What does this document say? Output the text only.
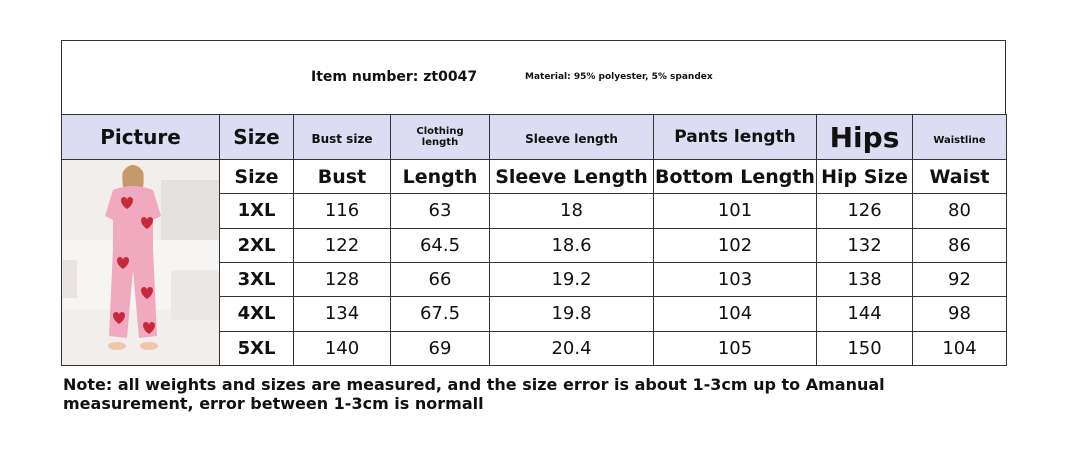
Item number: zt0047	Material: 95% polyester, 5% spandex
Picture	Size	Bust size	Clothing length	Sleeve length	Pants length	Hips	Waistline
	Size	Bust	Length	Sleeve Length	Bottom Length	Hip Size	Waist
	1XL	116	63	18	101	126	80
	2XL	122	64.5	18.6	102	132	86
	3XL	128	66	19.2	103	138	92
	4XL	134	67.5	19.8	104	144	98
	5XL	140	69	20.4	105	150	104
Note: all weights and sizes are measured, and the size error is about 1-3cm up to Amanual
measurement, error between 1-3cm is normall
